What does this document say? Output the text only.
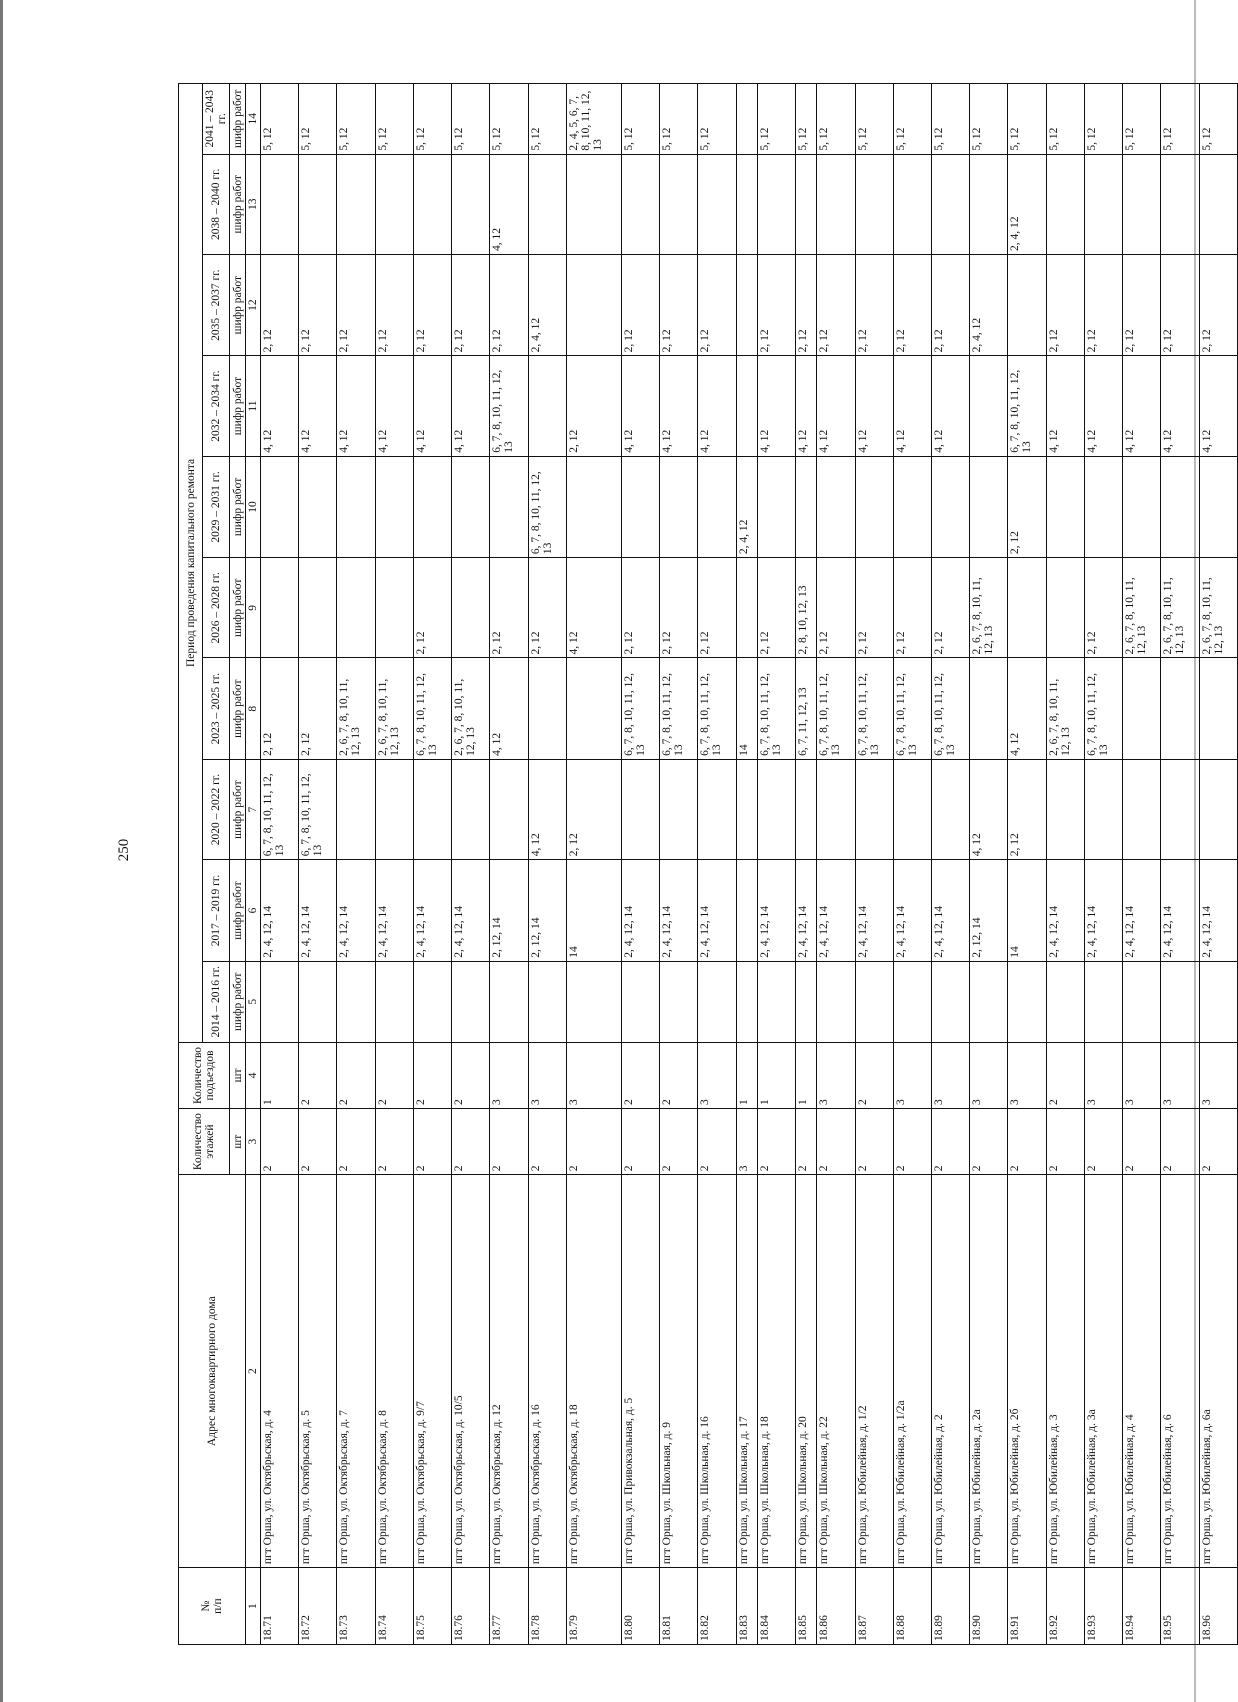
250
№
п/п	Адрес многоквартирного дома	Количество этажей	Количество подъездов	Период проведения капитального ремонта									
				2014 – 2016 гг.	2017 – 2019 гг.	2020 – 2022 гг.	2023 – 2025 гг.	2026 – 2028 гг.	2029 – 2031 гг.	2032 – 2034 гг.	2035 – 2037 гг.	2038 – 2040 гг.	2041 – 2043 гг.
		шт	шт	шифр работ	шифр работ	шифр работ	шифр работ	шифр работ	шифр работ	шифр работ	шифр работ	шифр работ	шифр работ
1	2	3	4	5	6	7	8	9	10	11	12	13	14
18.71	пгт Орша, ул. Октябрьская, д. 4	2	1		2, 4, 12, 14	6, 7, 8, 10, 11, 12, 13	2, 12			4, 12	2, 12		5, 12
18.72	пгт Орша, ул. Октябрьская, д. 5	2	2		2, 4, 12, 14	6, 7, 8, 10, 11, 12, 13	2, 12			4, 12	2, 12		5, 12
18.73	пгт Орша, ул. Октябрьская, д. 7	2	2		2, 4, 12, 14		2, 6, 7, 8, 10, 11, 12, 13			4, 12	2, 12		5, 12
18.74	пгт Орша, ул. Октябрьская, д. 8	2	2		2, 4, 12, 14		2, 6, 7, 8, 10, 11, 12, 13			4, 12	2, 12		5, 12
18.75	пгт Орша, ул. Октябрьская, д. 9/7	2	2		2, 4, 12, 14		6, 7, 8, 10, 11, 12, 13	2, 12		4, 12	2, 12		5, 12
18.76	пгт Орша, ул. Октябрьская, д. 10/5	2	2		2, 4, 12, 14		2, 6, 7, 8, 10, 11, 12, 13			4, 12	2, 12		5, 12
18.77	пгт Орша, ул. Октябрьская, д. 12	2	3		2, 12, 14		4, 12	2, 12		6, 7, 8, 10, 11, 12, 13	2, 12	4, 12	5, 12
18.78	пгт Орша, ул. Октябрьская, д. 16	2	3		2, 12, 14	4, 12		2, 12	6, 7, 8, 10, 11, 12, 13		2, 4, 12		5, 12
18.79	пгт Орша, ул. Октябрьская, д. 18	2	3		14	2, 12		4, 12		2, 12			2, 4, 5, 6, 7, 8, 10, 11, 12, 13
18.80	пгт Орша, ул. Привокзальная, д. 5	2	2		2, 4, 12, 14		6, 7, 8, 10, 11, 12, 13	2, 12		4, 12	2, 12		5, 12
18.81	пгт Орша, ул. Школьная, д. 9	2	2		2, 4, 12, 14		6, 7, 8, 10, 11, 12, 13	2, 12		4, 12	2, 12		5, 12
18.82	пгт Орша, ул. Школьная, д. 16	2	3		2, 4, 12, 14		6, 7, 8, 10, 11, 12, 13	2, 12		4, 12	2, 12		5, 12
18.83	пгт Орша, ул. Школьная, д. 17	3	1				14		2, 4, 12				
18.84	пгт Орша, ул. Школьная, д. 18	2	1		2, 4, 12, 14		6, 7, 8, 10, 11, 12, 13	2, 12		4, 12	2, 12		5, 12
18.85	пгт Орша, ул. Школьная, д. 20	2	1		2, 4, 12, 14		6, 7, 11, 12, 13	2, 8, 10, 12, 13		4, 12	2, 12		5, 12
18.86	пгт Орша, ул. Школьная, д. 22	2	3		2, 4, 12, 14		6, 7, 8, 10, 11, 12, 13	2, 12		4, 12	2, 12		5, 12
18.87	пгт Орша, ул. Юбилейная, д. 1/2	2	2		2, 4, 12, 14		6, 7, 8, 10, 11, 12, 13	2, 12		4, 12	2, 12		5, 12
18.88	пгт Орша, ул. Юбилейная, д. 1/2а	2	3		2, 4, 12, 14		6, 7, 8, 10, 11, 12, 13	2, 12		4, 12	2, 12		5, 12
18.89	пгт Орша, ул. Юбилейная, д. 2	2	3		2, 4, 12, 14		6, 7, 8, 10, 11, 12, 13	2, 12		4, 12	2, 12		5, 12
18.90	пгт Орша, ул. Юбилейная, д. 2а	2	3		2, 12, 14	4, 12		2, 6, 7, 8, 10, 11, 12, 13			2, 4, 12		5, 12
18.91	пгт Орша, ул. Юбилейная, д. 2б	2	3		14	2, 12	4, 12		2, 12	6, 7, 8, 10, 11, 12, 13		2, 4, 12	5, 12
18.92	пгт Орша, ул. Юбилейная, д. 3	2	2		2, 4, 12, 14		2, 6, 7, 8, 10, 11, 12, 13			4, 12	2, 12		5, 12
18.93	пгт Орша, ул. Юбилейная, д. 3а	2	3		2, 4, 12, 14		6, 7, 8, 10, 11, 12, 13	2, 12		4, 12	2, 12		5, 12
18.94	пгт Орша, ул. Юбилейная, д. 4	2	3		2, 4, 12, 14			2, 6, 7, 8, 10, 11, 12, 13		4, 12	2, 12		5, 12
18.95	пгт Орша, ул. Юбилейная, д. 6	2	3		2, 4, 12, 14			2, 6, 7, 8, 10, 11, 12, 13		4, 12	2, 12		5, 12
18.96	пгт Орша, ул. Юбилейная, д. 6а	2	3		2, 4, 12, 14			2, 6, 7, 8, 10, 11, 12, 13		4, 12	2, 12		5, 12
